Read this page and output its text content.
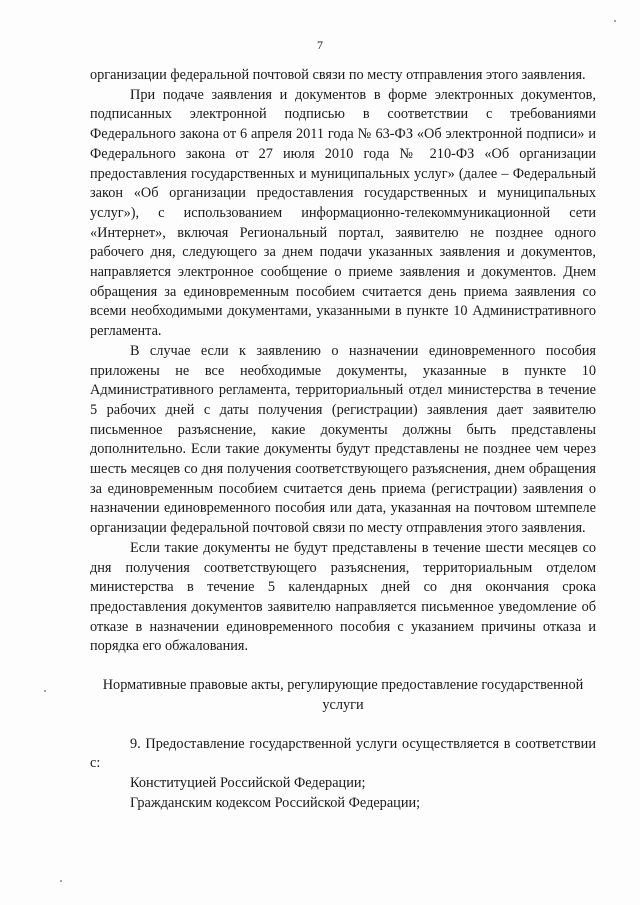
7

организации федеральной почтовой связи по месту отправления этого заявления.

При подаче заявления и документов в форме электронных документов, подписанных электронной подписью в соответствии с требованиями Федерального закона от 6 апреля 2011 года № 63-ФЗ «Об электронной подписи» и Федерального закона от 27 июля 2010 года № 210-ФЗ «Об организации предоставления государственных и муниципальных услуг» (далее – Федеральный закон «Об организации предоставления государственных и муниципальных услуг»), с использованием информационно-телекоммуникационной сети «Интернет», включая Региональный портал, заявителю не позднее одного рабочего дня, следующего за днем подачи указанных заявления и документов, направляется электронное сообщение о приеме заявления и документов. Днем обращения за единовременным пособием считается день приема заявления со всеми необходимыми документами, указанными в пункте 10 Административного регламента.

В случае если к заявлению о назначении единовременного пособия приложены не все необходимые документы, указанные в пункте 10 Административного регламента, территориальный отдел министерства в течение 5 рабочих дней с даты получения (регистрации) заявления дает заявителю письменное разъяснение, какие документы должны быть представлены дополнительно. Если такие документы будут представлены не позднее чем через шесть месяцев со дня получения соответствующего разъяснения, днем обращения за единовременным пособием считается день приема (регистрации) заявления о назначении единовременного пособия или дата, указанная на почтовом штемпеле организации федеральной почтовой связи по месту отправления этого заявления.

Если такие документы не будут представлены в течение шести месяцев со дня получения соответствующего разъяснения, территориальным отделом министерства в течение 5 календарных дней со дня окончания срока предоставления документов заявителю направляется письменное уведомление об отказе в назначении единовременного пособия с указанием причины отказа и порядка его обжалования.

Нормативные правовые акты, регулирующие предоставление государственной услуги

9. Предоставление государственной услуги осуществляется в соответствии с:

Конституцией Российской Федерации;

Гражданским кодексом Российской Федерации;
